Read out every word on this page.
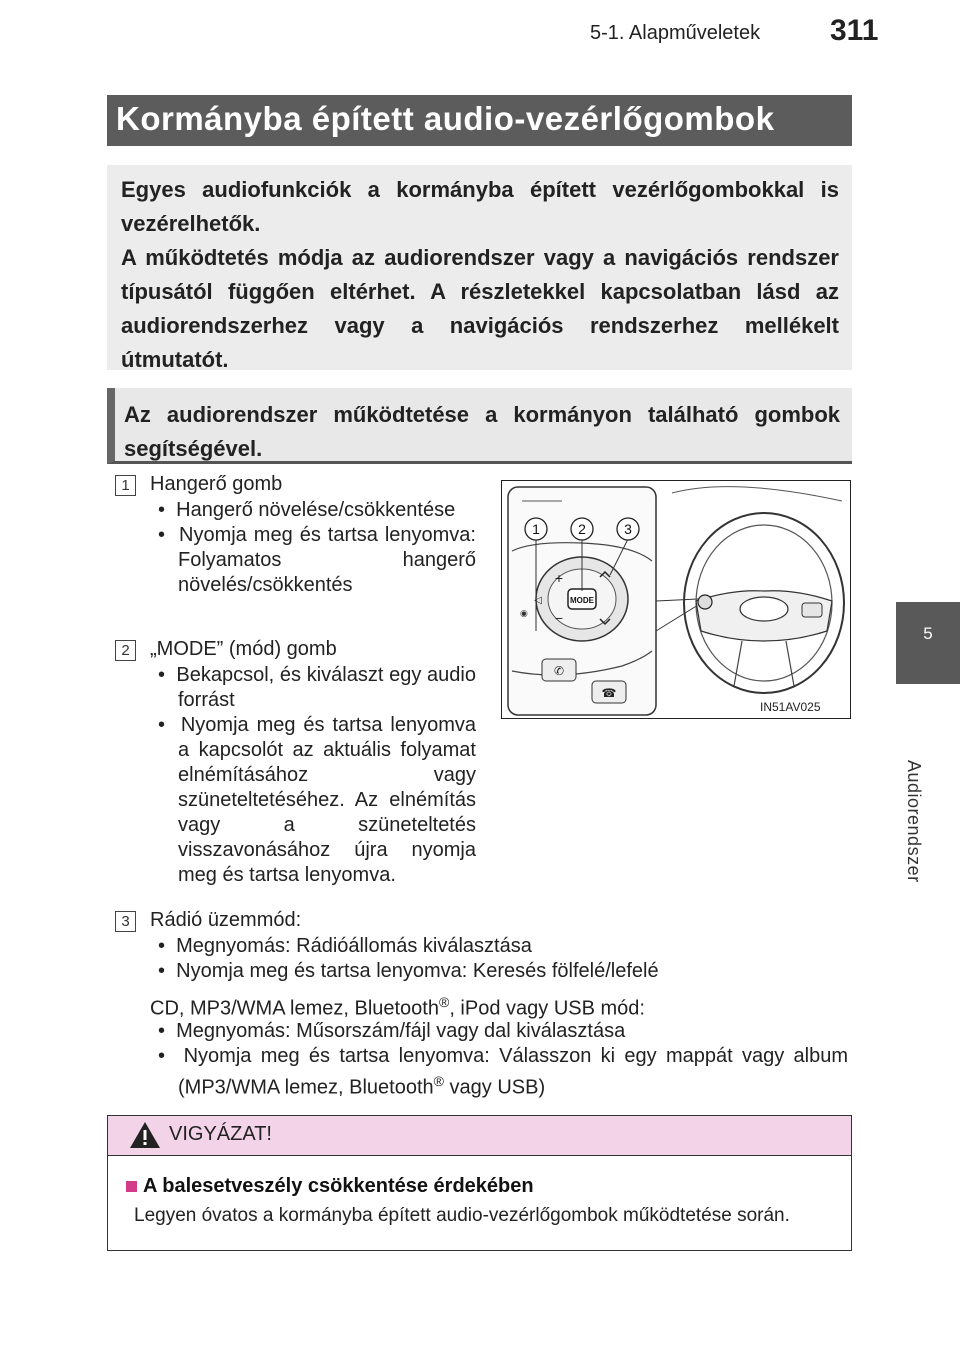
5-1. Alapműveletek 311
5
Audiorendszer
Kormányba épített audio-vezérlőgombok
Egyes audiofunkciók a kormányba épített vezérlőgombokkal is vezérelhetők.
A működtetés módja az audiorendszer vagy a navigációs rendszer típusától függően eltérhet. A részletekkel kapcsolatban lásd az audiorendszerhez vagy a navigációs rendszerhez mellékelt útmutatót.
Az audiorendszer működtetése a kormányon található gombok segítségével.
1	Hangerő gomb
•  Hangerő növelése/csökkentése
•  Nyomja meg és tartsa lenyomva: Folyamatos hangerő növelés/csökkentés
2	„MODE” (mód) gomb
•  Bekapcsol, és kiválaszt egy audio forrást
•  Nyomja meg és tartsa lenyomva a kapcsolót az aktuális folyamat elnémításához vagy szüneteltetéséhez. Az elnémítás vagy a szüneteltetés visszavonásához újra nyomja meg és tartsa lenyomva.
3	Rádió üzemmód:
•  Megnyomás: Rádióállomás kiválasztása
•  Nyomja meg és tartsa lenyomva: Keresés fölfelé/lefelé
CD, MP3/WMA lemez, Bluetooth®, iPod vagy USB mód:
•  Megnyomás: Műsorszám/fájl vagy dal kiválasztása
•  Nyomja meg és tartsa lenyomva: Válasszon ki egy mappát vagy album (MP3/WMA lemez, Bluetooth® vagy USB)
MODE
+
−
◁
✆
☎
◉
1	2	3
IN51AV025
VIGYÁZAT!
A balesetveszély csökkentése érdekében
Legyen óvatos a kormányba épített audio-vezérlőgombok működtetése során.
